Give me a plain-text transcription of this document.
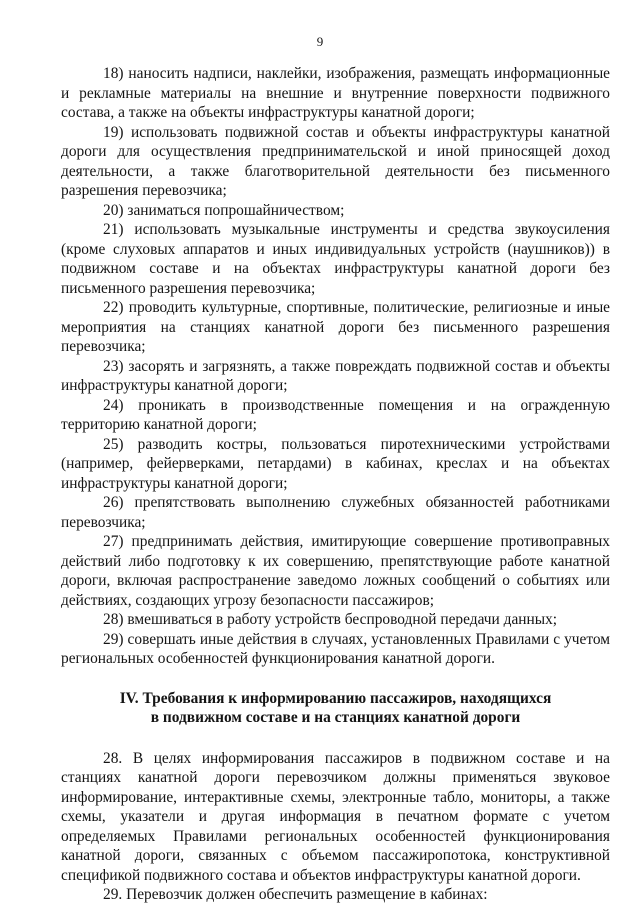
9

18) наносить надписи, наклейки, изображения, размещать информационные и рекламные материалы на внешние и внутренние поверхности подвижного состава, а также на объекты инфраструктуры канатной дороги;

19) использовать подвижной состав и объекты инфраструктуры канатной дороги для осуществления предпринимательской и иной приносящей доход деятельности, а также благотворительной деятельности без письменного разрешения перевозчика;

20) заниматься попрошайничеством;

21) использовать музыкальные инструменты и средства звукоусиления (кроме слуховых аппаратов и иных индивидуальных устройств (наушников)) в подвижном составе и на объектах инфраструктуры канатной дороги без письменного разрешения перевозчика;

22) проводить культурные, спортивные, политические, религиозные и иные мероприятия на станциях канатной дороги без письменного разрешения перевозчика;

23) засорять и загрязнять, а также повреждать подвижной состав и объекты инфраструктуры канатной дороги;

24) проникать в производственные помещения и на огражденную территорию канатной дороги;

25) разводить костры, пользоваться пиротехническими устройствами (например, фейерверками, петардами) в кабинах, креслах и на объектах инфраструктуры канатной дороги;

26) препятствовать выполнению служебных обязанностей работниками перевозчика;

27) предпринимать действия, имитирующие совершение противоправных действий либо подготовку к их совершению, препятствующие работе канатной дороги, включая распространение заведомо ложных сообщений о событиях или действиях, создающих угрозу безопасности пассажиров;

28) вмешиваться в работу устройств беспроводной передачи данных;

29) совершать иные действия в случаях, установленных Правилами с учетом региональных особенностей функционирования канатной дороги.

IV. Требования к информированию пассажиров, находящихся
в подвижном составе и на станциях канатной дороги

28. В целях информирования пассажиров в подвижном составе и на станциях канатной дороги перевозчиком должны применяться звуковое информирование, интерактивные схемы, электронные табло, мониторы, а также схемы, указатели и другая информация в печатном формате с учетом определяемых Правилами региональных особенностей функционирования канатной дороги, связанных с объемом пассажиропотока, конструктивной спецификой подвижного состава и объектов инфраструктуры канатной дороги.

29. Перевозчик должен обеспечить размещение в кабинах:
